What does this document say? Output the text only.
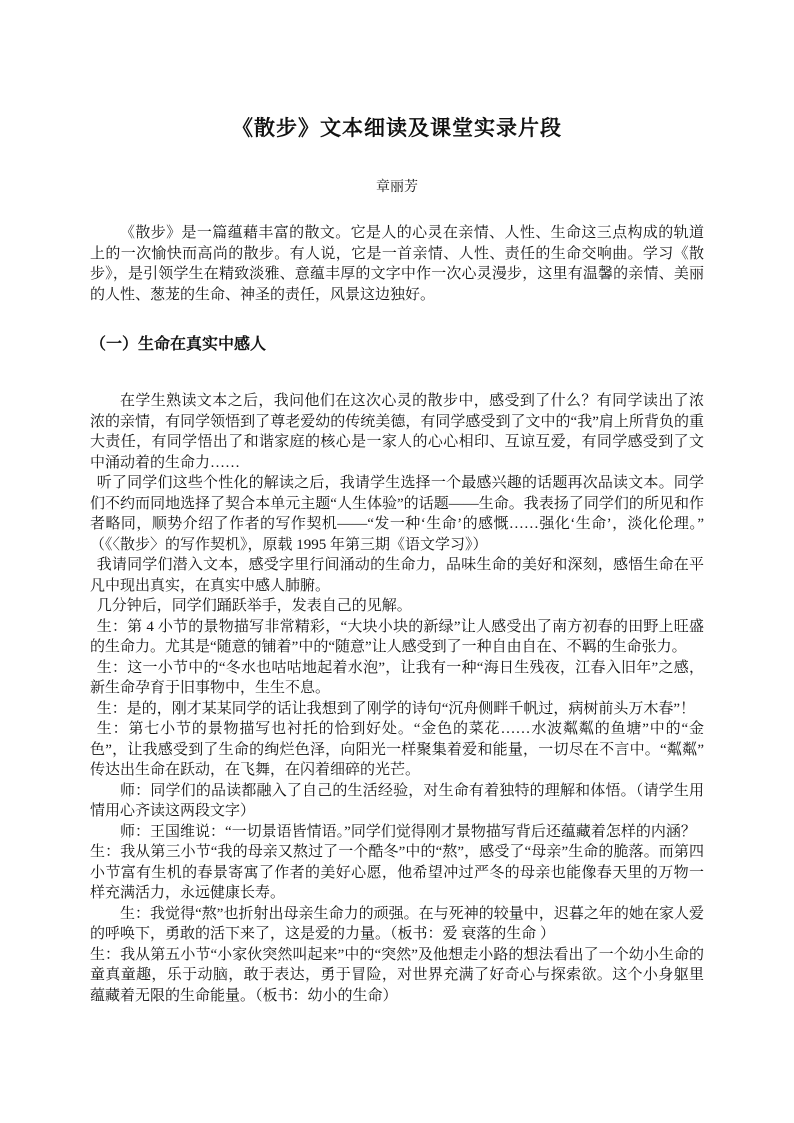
《散步》文本细读及课堂实录片段
章丽芳

《散步》是一篇蕴藉丰富的散文。它是人的心灵在亲情、人性、生命这三点构成的轨道上的一次愉快而高尚的散步。有人说，它是一首亲情、人性、责任的生命交响曲。学习《散步》，是引领学生在精致淡雅、意蕴丰厚的文字中作一次心灵漫步，这里有温馨的亲情、美丽的人性、葱茏的生命、神圣的责任，风景这边独好。

（一）生命在真实中感人

在学生熟读文本之后，我问他们在这次心灵的散步中，感受到了什么？有同学读出了浓浓的亲情，有同学领悟到了尊老爱幼的传统美德，有同学感受到了文中的“我”肩上所背负的重大责任，有同学悟出了和谐家庭的核心是一家人的心心相印、互谅互爱，有同学感受到了文中涌动着的生命力……

听了同学们这些个性化的解读之后，我请学生选择一个最感兴趣的话题再次品读文本。同学们不约而同地选择了契合本单元主题“人生体验”的话题——生命。我表扬了同学们的所见和作者略同，顺势介绍了作者的写作契机——“发一种‘生命’的感慨……强化‘生命’，淡化伦理。”（《〈散步〉的写作契机》，原载 1995 年第三期《语文学习》）

我请同学们潜入文本，感受字里行间涌动的生命力，品味生命的美好和深刻，感悟生命在平凡中现出真实，在真实中感人肺腑。

几分钟后，同学们踊跃举手，发表自己的见解。

生：第 4 小节的景物描写非常精彩，“大块小块的新绿”让人感受出了南方初春的田野上旺盛的生命力。尤其是“随意的铺着”中的“随意”让人感受到了一种自由自在、不羁的生命张力。

生：这一小节中的“冬水也咕咕地起着水泡”，让我有一种“海日生残夜，江春入旧年”之感，新生命孕育于旧事物中，生生不息。

生：是的，刚才某某同学的话让我想到了刚学的诗句“沉舟侧畔千帆过，病树前头万木春”！

生：第七小节的景物描写也衬托的恰到好处。“金色的菜花……水波粼粼的鱼塘”中的“金色”，让我感受到了生命的绚烂色泽，向阳光一样聚集着爱和能量，一切尽在不言中。“粼粼”传达出生命在跃动，在飞舞，在闪着细碎的光芒。

师：同学们的品读都融入了自己的生活经验，对生命有着独特的理解和体悟。（请学生用情用心齐读这两段文字）

师：王国维说：“一切景语皆情语。”同学们觉得刚才景物描写背后还蕴藏着怎样的内涵？

生：我从第三小节“我的母亲又熬过了一个酷冬”中的“熬”，感受了“母亲”生命的脆落。而第四小节富有生机的春景寄寓了作者的美好心愿，他希望冲过严冬的母亲也能像春天里的万物一样充满活力，永远健康长寿。

生：我觉得“熬”也折射出母亲生命力的顽强。在与死神的较量中，迟暮之年的她在家人爱的呼唤下，勇敢的活下来了，这是爱的力量。（板书：爱 衰落的生命 ）

生：我从第五小节“小家伙突然叫起来”中的“突然”及他想走小路的想法看出了一个幼小生命的童真童趣，乐于动脑，敢于表达，勇于冒险，对世界充满了好奇心与探索欲。这个小身躯里蕴藏着无限的生命能量。（板书：幼小的生命）
